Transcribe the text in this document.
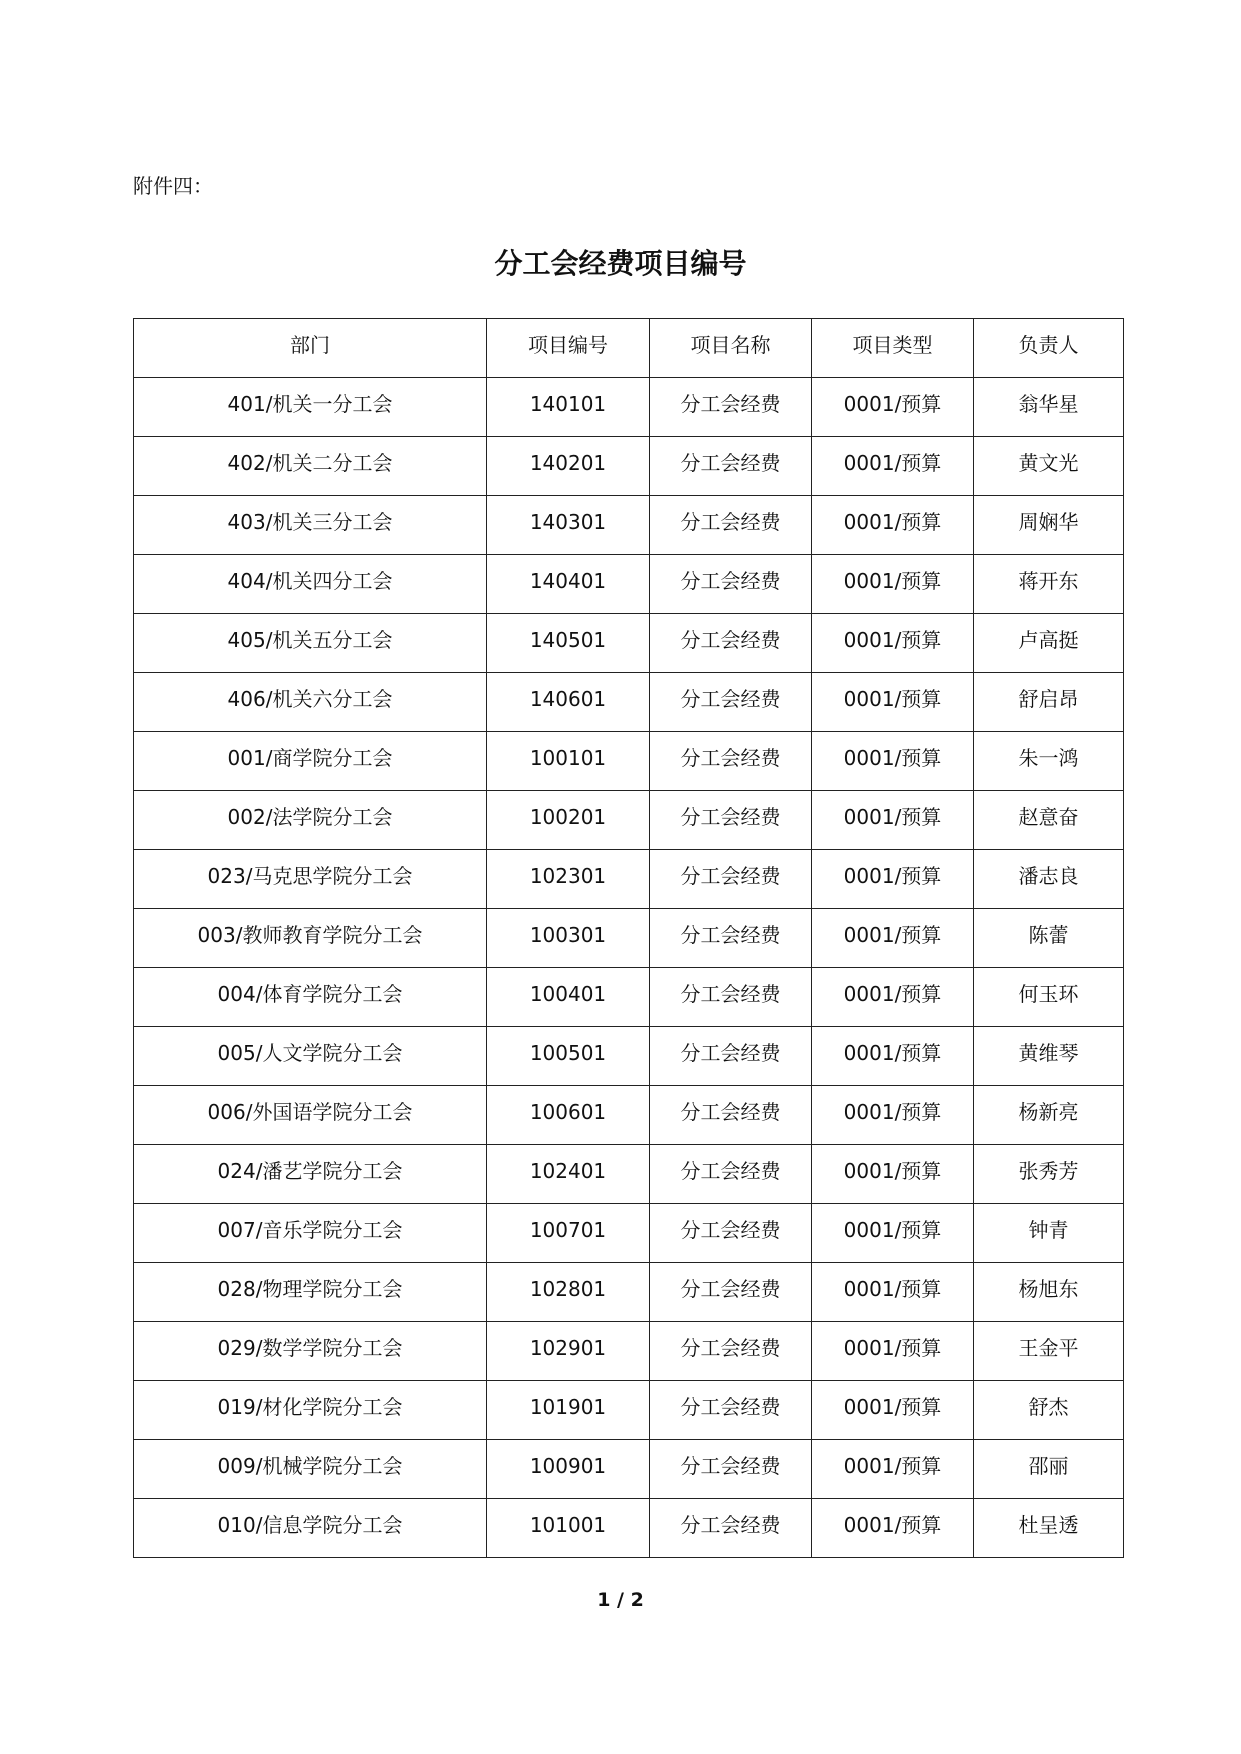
附件四：
分工会经费项目编号
部门	项目编号	项目名称	项目类型	负责人

401/机关一分工会	140101	分工会经费	0001/预算	翁华星

402/机关二分工会	140201	分工会经费	0001/预算	黄文光

403/机关三分工会	140301	分工会经费	0001/预算	周娴华

404/机关四分工会	140401	分工会经费	0001/预算	蒋开东

405/机关五分工会	140501	分工会经费	0001/预算	卢高挺

406/机关六分工会	140601	分工会经费	0001/预算	舒启昂

001/商学院分工会	100101	分工会经费	0001/预算	朱一鸿

002/法学院分工会	100201	分工会经费	0001/预算	赵意奋

023/马克思学院分工会	102301	分工会经费	0001/预算	潘志良

003/教师教育学院分工会	100301	分工会经费	0001/预算	陈蕾

004/体育学院分工会	100401	分工会经费	0001/预算	何玉环

005/人文学院分工会	100501	分工会经费	0001/预算	黄维琴

006/外国语学院分工会	100601	分工会经费	0001/预算	杨新亮

024/潘艺学院分工会	102401	分工会经费	0001/预算	张秀芳

007/音乐学院分工会	100701	分工会经费	0001/预算	钟青

028/物理学院分工会	102801	分工会经费	0001/预算	杨旭东

029/数学学院分工会	102901	分工会经费	0001/预算	王金平

019/材化学院分工会	101901	分工会经费	0001/预算	舒杰

009/机械学院分工会	100901	分工会经费	0001/预算	邵丽

010/信息学院分工会	101001	分工会经费	0001/预算	杜呈透
1 / 2
